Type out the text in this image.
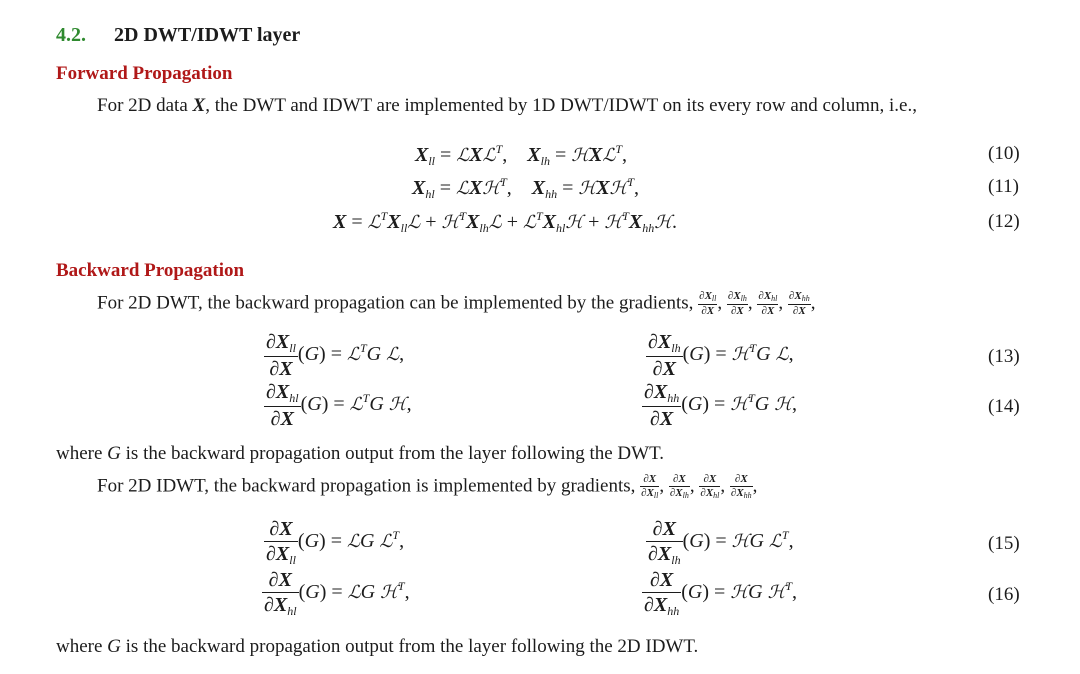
4.2. 2D DWT/IDWT layer
Forward Propagation
For 2D data X, the DWT and IDWT are implemented by 1D DWT/IDWT on its every row and column, i.e.,
$X_{ll}$ = ℒXℒ$^T$,    $X_{lh}$ = ℋXℒ$^T$,	(10)
$X_{hl}$ = ℒXℋ$^T$,    $X_{hh}$ = ℋXℋ$^T$,	(11)
$X = ℒ^TX_{ll}ℒ$ + $ℋ^TX_{lh}ℒ$ + $ℒ^TX_{hl}ℋ$ + $ℋ^TX_{hh}ℋ$.	(12)
Backward Propagation
For 2D DWT, the backward propagation can be implemented by the gradients, ∂Xll
∂X , ∂Xlh
∂X , ∂Xhl
∂X , ∂Xhh
∂X ,
$\frac{\partial X_{ll}}{\partial X} (G)$ = ℒ$^T$G ℒ,	$\frac{\partial X_{lh}}{\partial X} (G)$ = ℋ$^T$G ℒ,	(13)
$\frac{\partial X_{hl}}{\partial X} (G)$ = ℒ$^T$G ℋ,	$\frac{\partial X_{hh}}{\partial X} (G)$ = ℋ$^T$G ℋ,	(14)
where G is the backward propagation output from the layer following the DWT.
For 2D IDWT, the backward propagation is implemented by gradients, ∂X
∂Xll , ∂X
∂Xlh , ∂X
∂Xhl , ∂X
∂Xhh ,
$\frac{\partial X}{\partial X_{ll}} (G)$ = ℒG ℒ$^T$,	$\frac{\partial X}{\partial X_{lh}} (G)$ = ℋG ℒ$^T$,	(15)
$\frac{\partial X}{\partial X_{hl}} (G)$ = ℒG ℋ$^T$,	$\frac{\partial X}{\partial X_{hh}} (G)$ = ℋG ℋ$^T$,	(16)
where G is the backward propagation output from the layer following the 2D IDWT.
